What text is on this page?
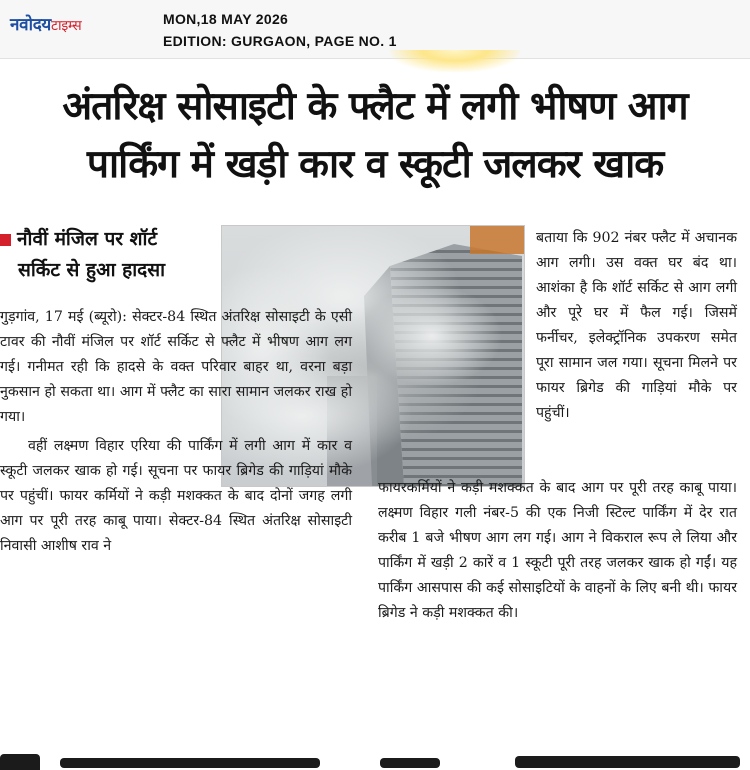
नवोदयटाइम्स	MON,18 MAY 2026
EDITION: GURGAON, PAGE NO. 1
अंतरिक्ष सोसाइटी के फ्लैट में लगी भीषण आग
पार्किंग में खड़ी कार व स्कूटी जलकर खाक
नौवीं मंजिल पर शॉर्ट
सर्किट से हुआ हादसा

बताया कि 902 नंबर फ्लैट में अचानक आग लगी। उस वक्त घर बंद था। आशंका है कि शॉर्ट सर्किट से आग लगी और पूरे घर में फैल गई। जिसमें फर्नीचर, इलेक्ट्रॉनिक उपकरण समेत पूरा सामान जल गया। सूचना मिलने पर फायर ब्रिगेड की गाड़ियां मौके पर पहुंचीं।

गुड़गांव, 17 मई (ब्यूरो): सेक्टर-84 स्थित अंतरिक्ष सोसाइटी के एसी टावर की नौवीं मंजिल पर शॉर्ट सर्किट से फ्लैट में भीषण आग लग गई। गनीमत रही कि हादसे के वक्त परिवार बाहर था, वरना बड़ा नुकसान हो सकता था। आग में फ्लैट का सारा सामान जलकर राख हो गया।

वहीं लक्ष्मण विहार एरिया की पार्किंग में लगी आग में कार व स्कूटी जलकर खाक हो गई। सूचना पर फायर ब्रिगेड की गाड़ियां मौके पर पहुंचीं। फायर कर्मियों ने कड़ी मशक्कत के बाद दोनों जगह लगी आग पर पूरी तरह काबू पाया। सेक्टर-84 स्थित अंतरिक्ष सोसाइटी निवासी आशीष राव ने

फायरकर्मियों ने कड़ी मशक्कत के बाद आग पर पूरी तरह काबू पाया। लक्ष्मण विहार गली नंबर-5 की एक निजी स्टिल्ट पार्किंग में देर रात करीब 1 बजे भीषण आग लग गई। आग ने विकराल रूप ले लिया और पार्किंग में खड़ी 2 कारें व 1 स्कूटी पूरी तरह जलकर खाक हो गईं। यह पार्किंग आसपास की कई सोसाइटियों के वाहनों के लिए बनी थी। फायर ब्रिगेड ने कड़ी मशक्कत की।
